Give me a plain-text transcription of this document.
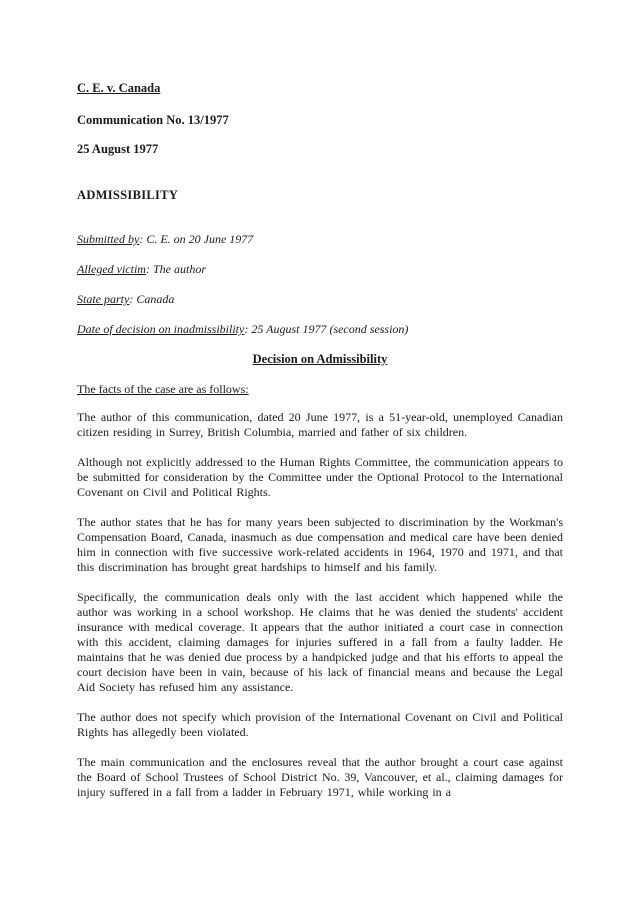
C. E. v. Canada
Communication No. 13/1977
25 August 1977
ADMISSIBILITY
Submitted by: C. E. on 20 June 1977
Alleged victim: The author
State party: Canada
Date of decision on inadmissibility: 25 August 1977 (second session)
Decision on Admissibility
The facts of the case are as follows:

The author of this communication, dated 20 June 1977, is a 51-year-old, unemployed Canadian citizen residing in Surrey, British Columbia, married and father of six children.

Although not explicitly addressed to the Human Rights Committee, the communication appears to be submitted for consideration by the Committee under the Optional Protocol to the International Covenant on Civil and Political Rights.

The author states that he has for many years been subjected to discrimination by the Workman's Compensation Board, Canada, inasmuch as due compensation and medical care have been denied him in connection with five successive work-related accidents in 1964, 1970 and 1971, and that this discrimination has brought great hardships to himself and his family.

Specifically, the communication deals only with the last accident which happened while the author was working in a school workshop. He claims that he was denied the students' accident insurance with medical coverage. It appears that the author initiated a court case in connection with this accident, claiming damages for injuries suffered in a fall from a faulty ladder. He maintains that he was denied due process by a handpicked judge and that his efforts to appeal the court decision have been in vain, because of his lack of financial means and because the Legal Aid Society has refused him any assistance.

The author does not specify which provision of the International Covenant on Civil and Political Rights has allegedly been violated.

The main communication and the enclosures reveal that the author brought a court case against the Board of School Trustees of School District No. 39, Vancouver, et al., claiming damages for injury suffered in a fall from a ladder in February 1971, while working in a
